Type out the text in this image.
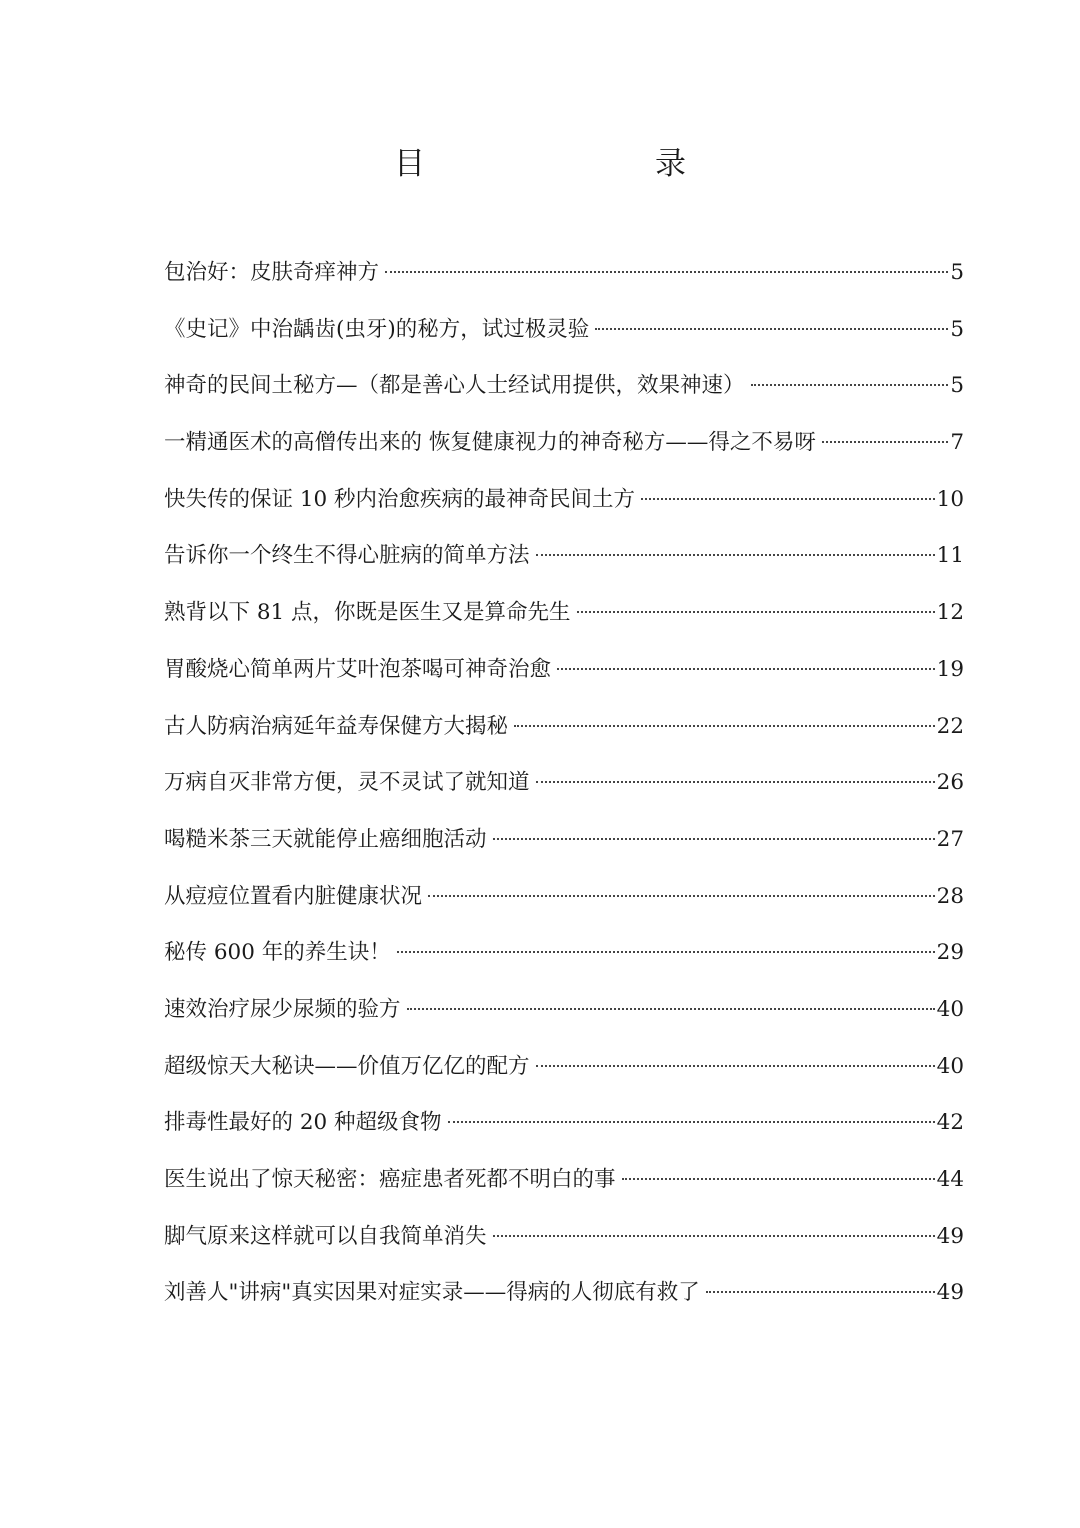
目　　录
包治好：皮肤奇痒神方	5
《史记》中治龋齿(虫牙)的秘方，试过极灵验	5
神奇的民间土秘方—（都是善心人士经试用提供，效果神速）	5
一精通医术的高僧传出来的 恢复健康视力的神奇秘方——得之不易呀	7
快失传的保证 10 秒内治愈疾病的最神奇民间土方	10
告诉你一个终生不得心脏病的简单方法	11
熟背以下 81 点，你既是医生又是算命先生	12
胃酸烧心简单两片艾叶泡茶喝可神奇治愈	19
古人防病治病延年益寿保健方大揭秘	22
万病自灭非常方便，灵不灵试了就知道	26
喝糙米茶三天就能停止癌细胞活动	27
从痘痘位置看内脏健康状况	28
秘传 600 年的养生诀！	29
速效治疗尿少尿频的验方	40
超级惊天大秘诀——价值万亿亿的配方	40
排毒性最好的 20 种超级食物	42
医生说出了惊天秘密：癌症患者死都不明白的事	44
脚气原来这样就可以自我简单消失	49
刘善人"讲病"真实因果对症实录——得病的人彻底有救了	49
